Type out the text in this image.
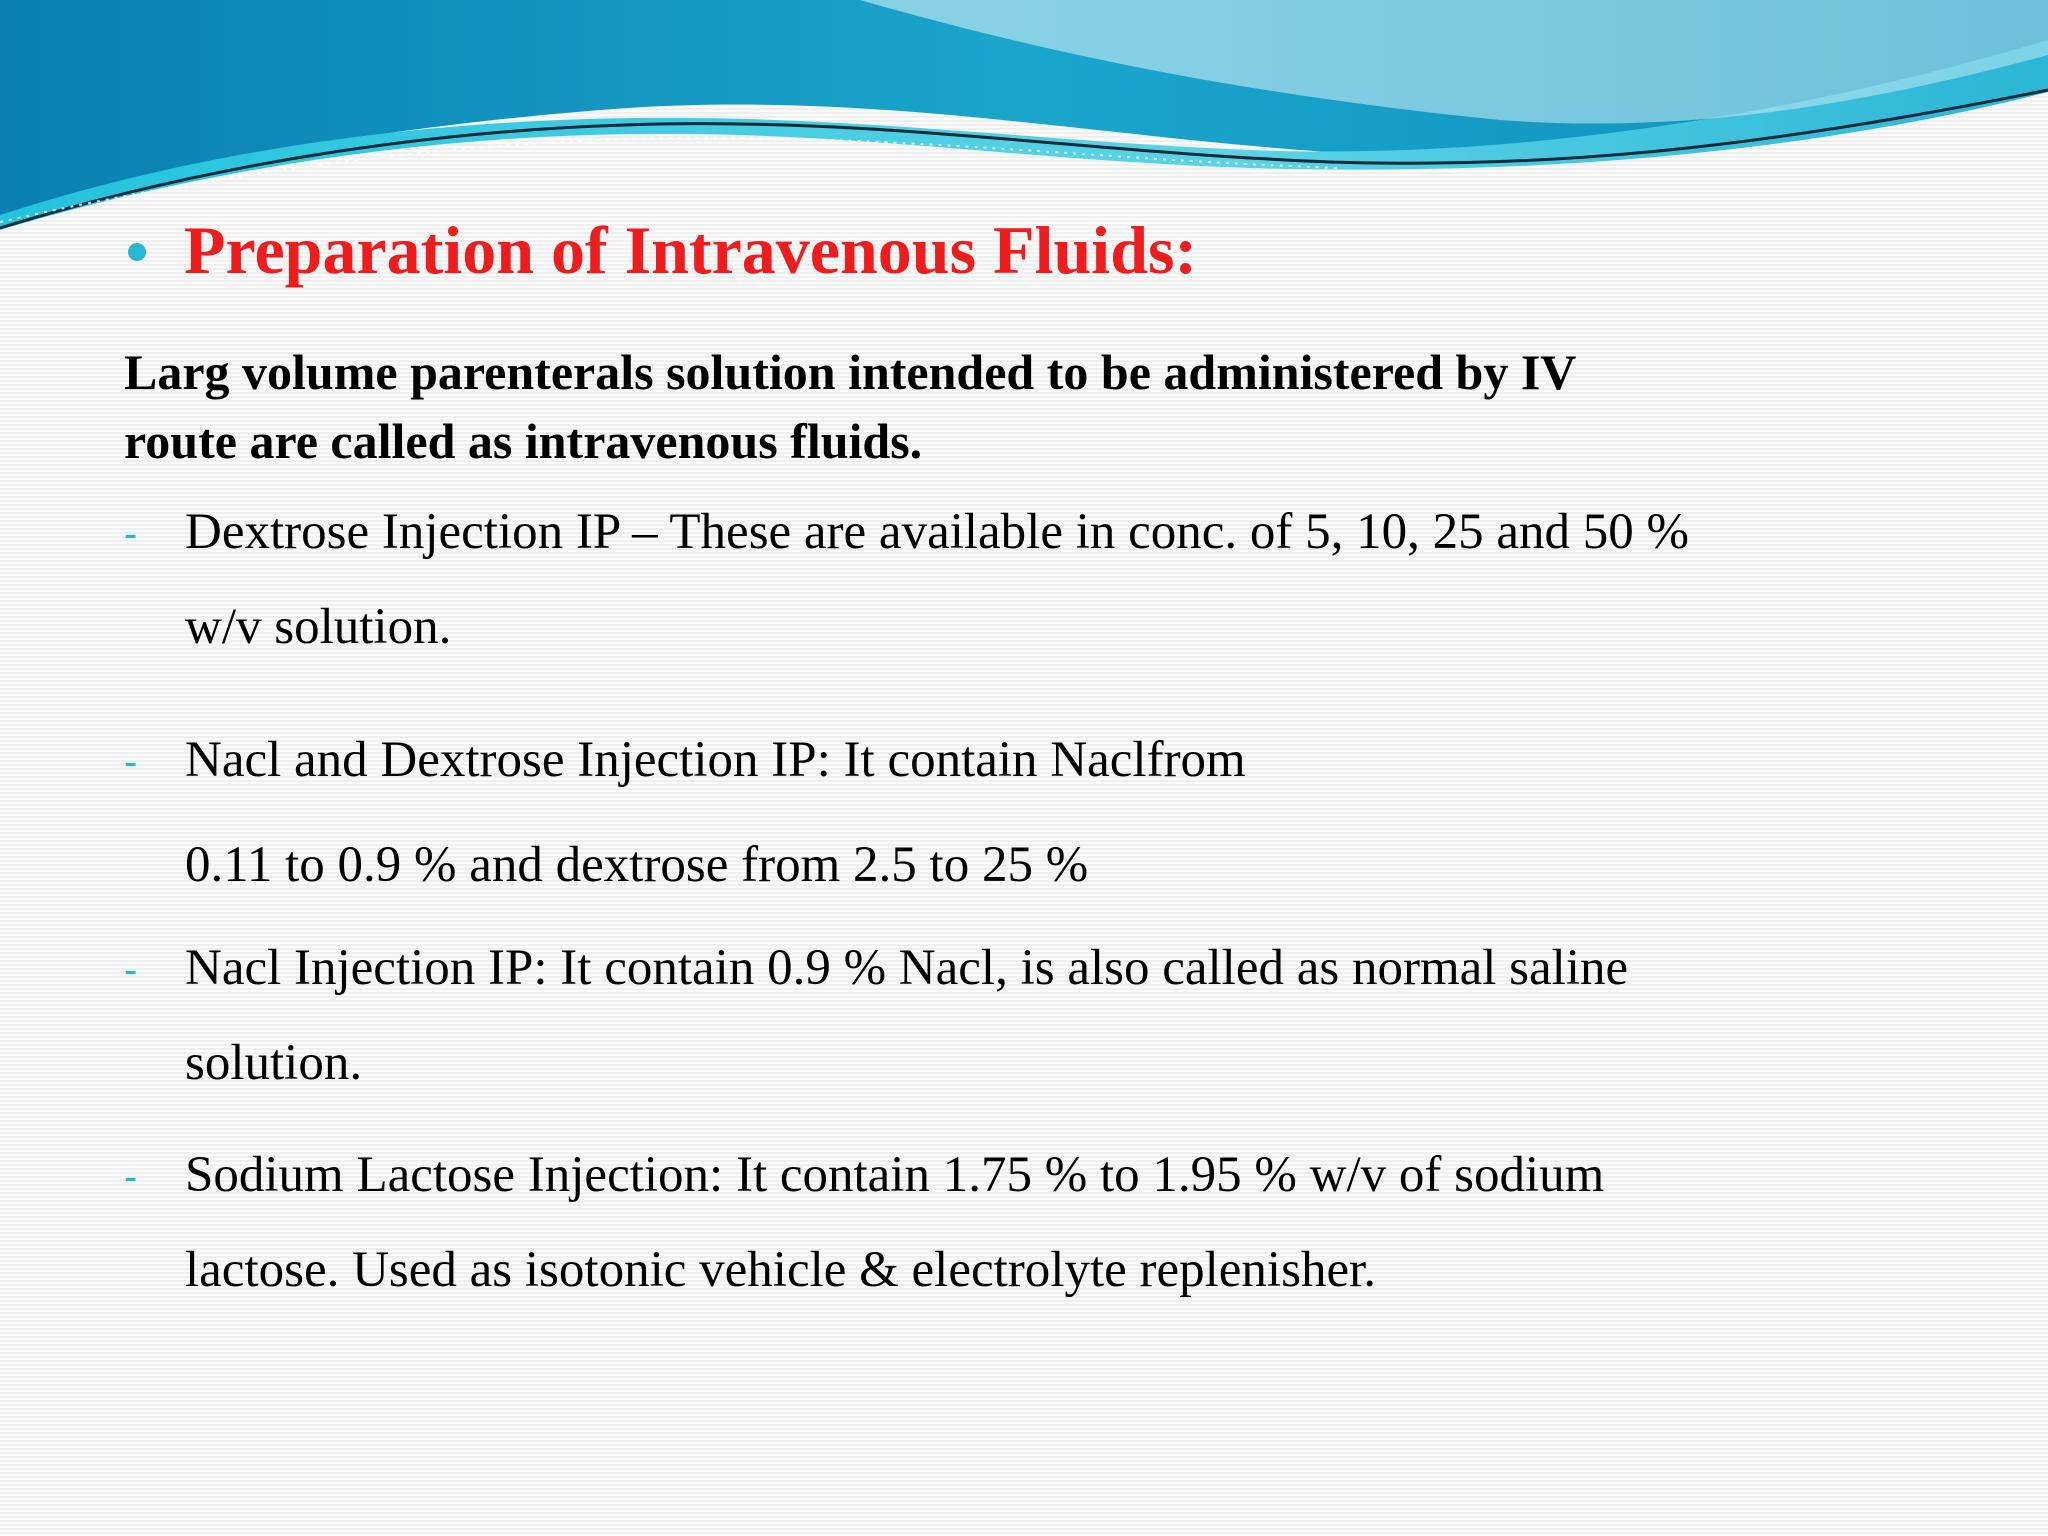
Preparation of Intravenous Fluids:
Larg volume parenterals solution intended to be administered by IV
route are called as intravenous fluids.
- Dextrose Injection IP – These are available in conc. of 5, 10, 25 and 50 %
w/v solution.
- Nacl and Dextrose Injection IP: It contain Naclfrom
0.11 to 0.9 % and dextrose from 2.5 to 25 %
- Nacl Injection IP: It contain 0.9 % Nacl, is also called as normal saline
solution.
- Sodium Lactose Injection: It contain 1.75 % to 1.95 % w/v of sodium
lactose. Used as isotonic vehicle & electrolyte replenisher.
